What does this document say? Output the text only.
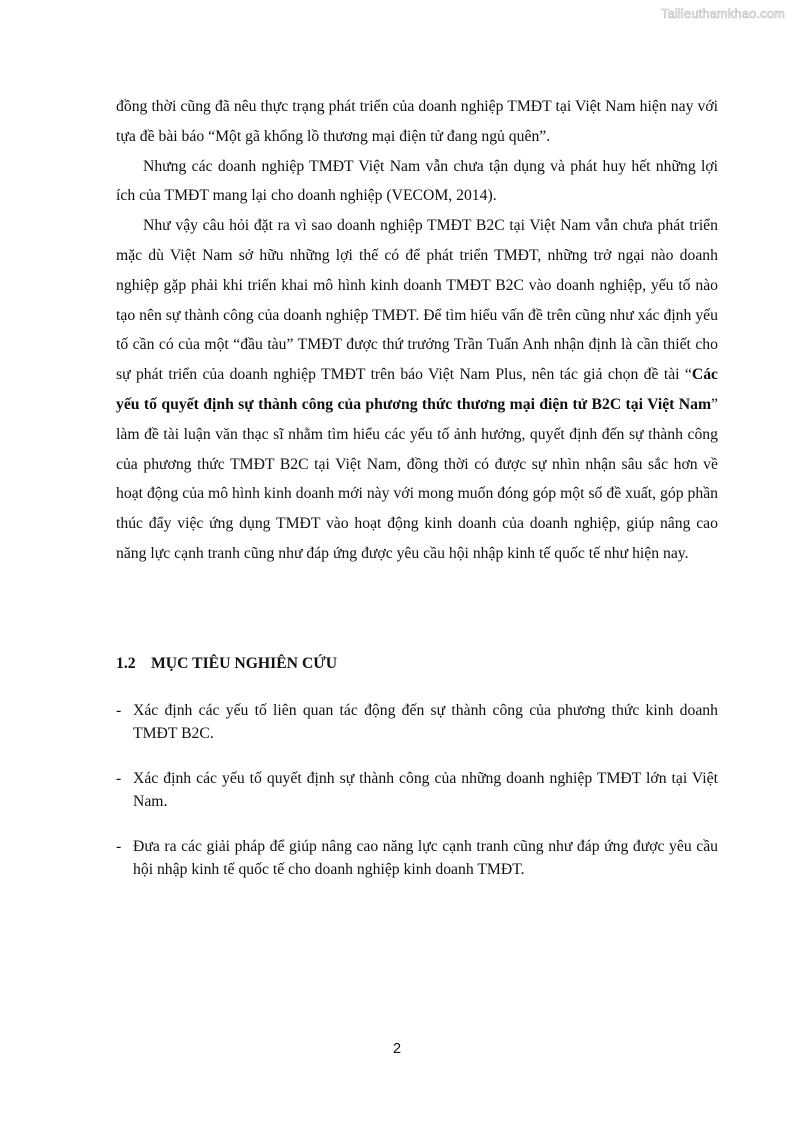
Tailieuthamkhao.com

đồng thời cũng đã nêu thực trạng phát triển của doanh nghiệp TMĐT tại Việt Nam hiện nay với tựa đề bài báo “Một gã khổng lồ thương mại điện tử đang ngủ quên”.

Nhưng các doanh nghiệp TMĐT Việt Nam vẫn chưa tận dụng và phát huy hết những lợi ích của TMĐT mang lại cho doanh nghiệp (VECOM, 2014).

Như vậy câu hỏi đặt ra vì sao doanh nghiệp TMĐT B2C tại Việt Nam vẫn chưa phát triển mặc dù Việt Nam sở hữu những lợi thế có để phát triển TMĐT, những trở ngại nào doanh nghiệp gặp phải khi triển khai mô hình kinh doanh TMĐT B2C vào doanh nghiệp, yếu tố nào tạo nên sự thành công của doanh nghiệp TMĐT. Để tìm hiểu vấn đề trên cũng như xác định yếu tố cần có của một “đầu tàu” TMĐT được thứ trưởng Trần Tuấn Anh nhận định là cần thiết cho sự phát triển của doanh nghiệp TMĐT trên báo Việt Nam Plus, nên tác giả chọn đề tài “Các yếu tố quyết định sự thành công của phương thức thương mại điện tử B2C tại Việt Nam” làm đề tài luận văn thạc sĩ nhằm tìm hiểu các yếu tố ảnh hưởng, quyết định đến sự thành công của phương thức TMĐT B2C tại Việt Nam, đồng thời có được sự nhìn nhận sâu sắc hơn về hoạt động của mô hình kinh doanh mới này với mong muốn đóng góp một số đề xuất, góp phần thúc đẩy việc ứng dụng TMĐT vào hoạt động kinh doanh của doanh nghiệp, giúp nâng cao năng lực cạnh tranh cũng như đáp ứng được yêu cầu hội nhập kinh tế quốc tế như hiện nay.

1.2 MỤC TIÊU NGHIÊN CỨU
- Xác định các yếu tố liên quan tác động đến sự thành công của phương thức kinh doanh TMĐT B2C.
- Xác định các yếu tố quyết định sự thành công của những doanh nghiệp TMĐT lớn tại Việt Nam.
- Đưa ra các giải pháp để giúp nâng cao năng lực cạnh tranh cũng như đáp ứng được yêu cầu hội nhập kinh tế quốc tế cho doanh nghiệp kinh doanh TMĐT.
2
